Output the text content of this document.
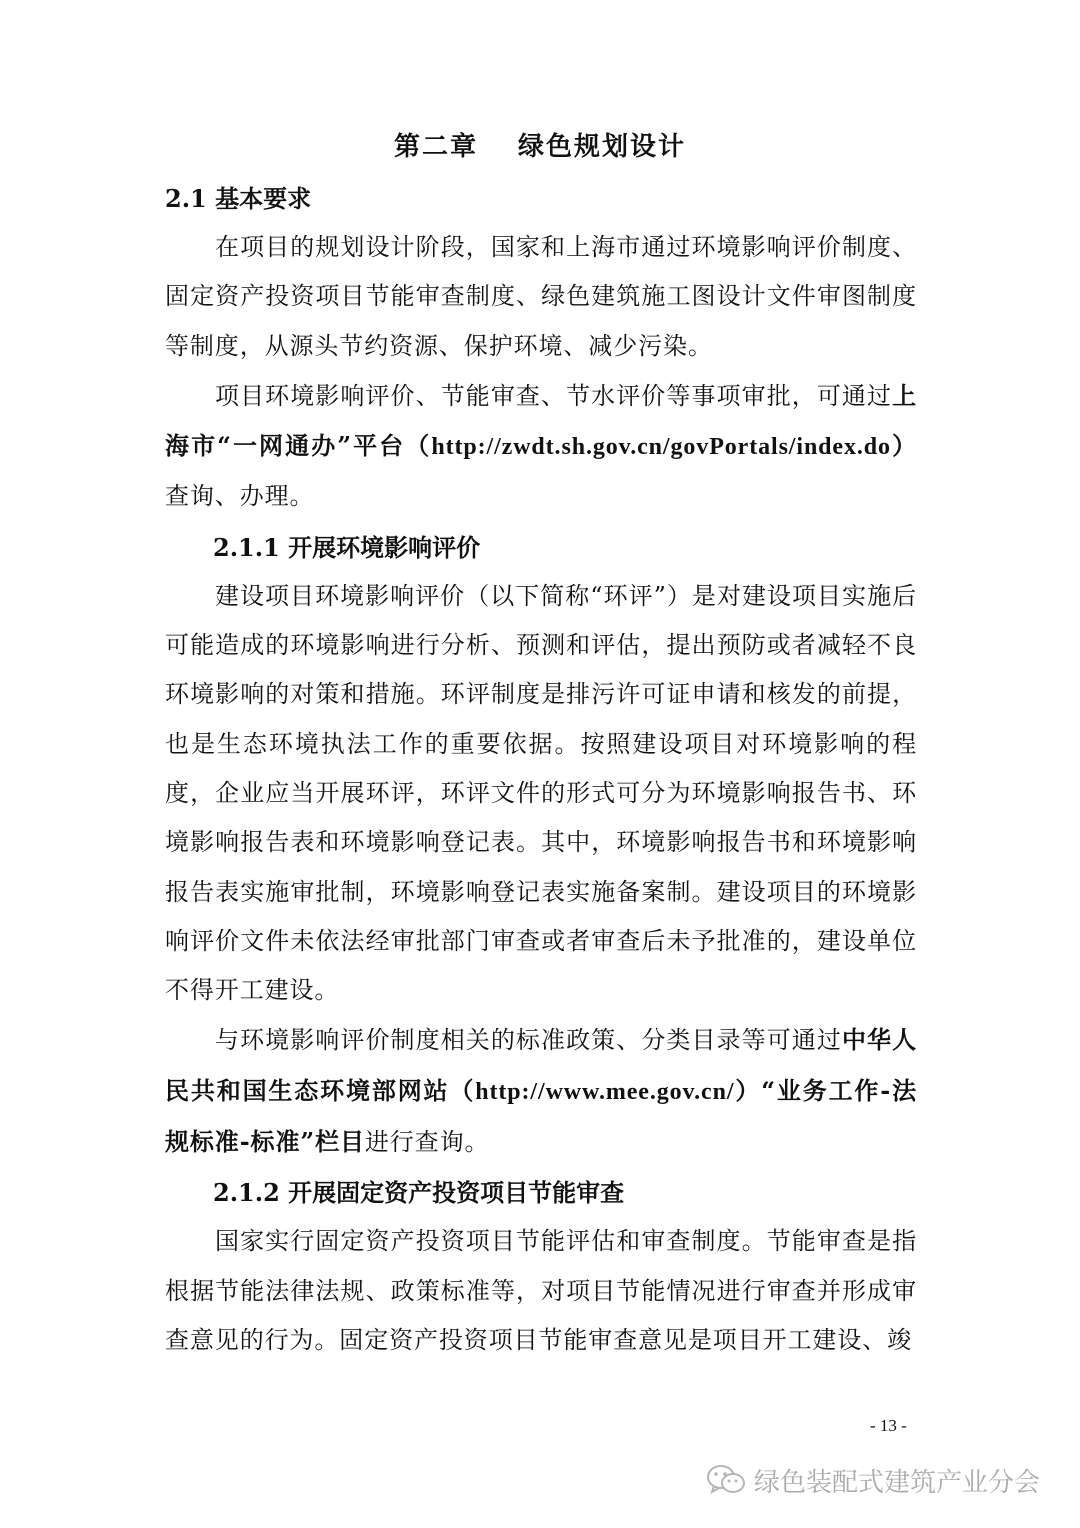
第二章 绿色规划设计
2.1 基本要求

在项目的规划设计阶段，国家和上海市通过环境影响评价制度、固定资产投资项目节能审查制度、绿色建筑施工图设计文件审图制度等制度，从源头节约资源、保护环境、减少污染。

项目环境影响评价、节能审查、节水评价等事项审批，可通过上海市“一网通办”平台（http://zwdt.sh.gov.cn/govPortals/index.do）查询、办理。

2.1.1 开展环境影响评价

建设项目环境影响评价（以下简称“环评”）是对建设项目实施后可能造成的环境影响进行分析、预测和评估，提出预防或者减轻不良环境影响的对策和措施。环评制度是排污许可证申请和核发的前提，也是生态环境执法工作的重要依据。按照建设项目对环境影响的程度，企业应当开展环评，环评文件的形式可分为环境影响报告书、环境影响报告表和环境影响登记表。其中，环境影响报告书和环境影响报告表实施审批制，环境影响登记表实施备案制。建设项目的环境影响评价文件未依法经审批部门审查或者审查后未予批准的，建设单位不得开工建设。

与环境影响评价制度相关的标准政策、分类目录等可通过中华人民共和国生态环境部网站（http://www.mee.gov.cn/）“业务工作-法规标准-标准”栏目进行查询。

2.1.2 开展固定资产投资项目节能审查

国家实行固定资产投资项目节能评估和审查制度。节能审查是指根据节能法律法规、政策标准等，对项目节能情况进行审查并形成审查意见的行为。固定资产投资项目节能审查意见是项目开工建设、竣

- 13 -
绿色装配式建筑产业分会
